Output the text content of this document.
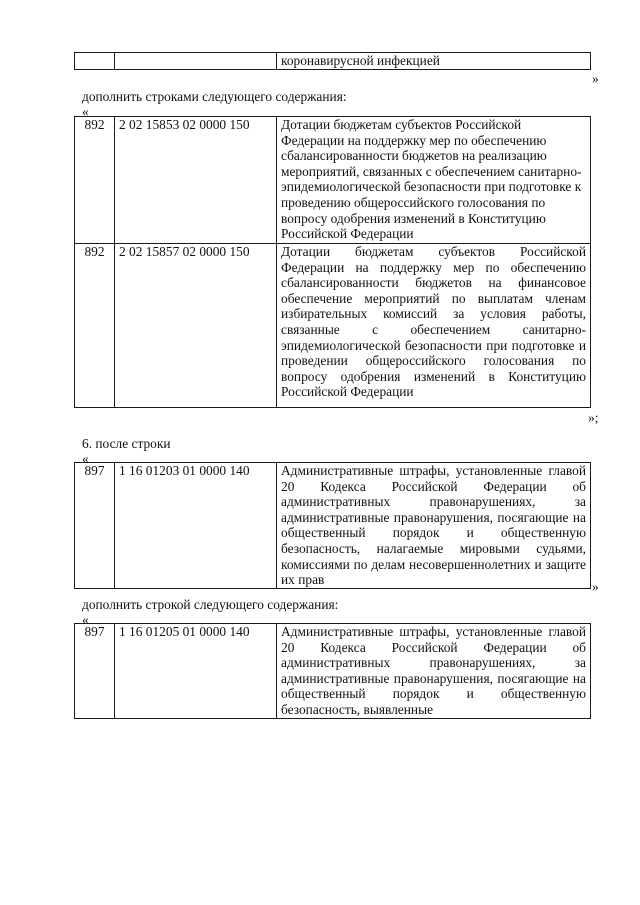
		коронавирусной инфекцией
»

дополнить строками следующего содержания:

«
892	2 02 15853 02 0000 150	Дотации бюджетам субъектов Российской Федерации на поддержку мер по обеспечению сбалансированности бюджетов на реализацию мероприятий, связанных с обеспечением санитарно-эпидемиологической безопасности при подготовке к проведению общероссийского голосования по вопросу одобрения изменений в Конституцию Российской Федерации
892	2 02 15857 02 0000 150	Дотации бюджетам субъектов Российской Федерации на поддержку мер по обеспечению сбалансированности бюджетов на финансовое обеспечение мероприятий по выплатам членам избирательных комиссий за условия работы, связанные с обеспечением санитарно-эпидемиологической безопасности при подготовке и проведении общероссийского голосования по вопросу одобрения изменений в Конституцию Российской Федерации
»;

6. после строки

«
897	1 16 01203 01 0000 140	Административные штрафы, установленные главой 20 Кодекса Российской Федерации об административных правонарушениях, за административные правонарушения, посягающие на общественный порядок и общественную безопасность, налагаемые мировыми судьями, комиссиями по делам несовершеннолетних и защите их прав	»

дополнить строкой следующего содержания:

«
897	1 16 01205 01 0000 140	Административные штрафы, установленные главой 20 Кодекса Российской Федерации об административных правонарушениях, за административные правонарушения, посягающие на общественный порядок и общественную безопасность, выявленные
